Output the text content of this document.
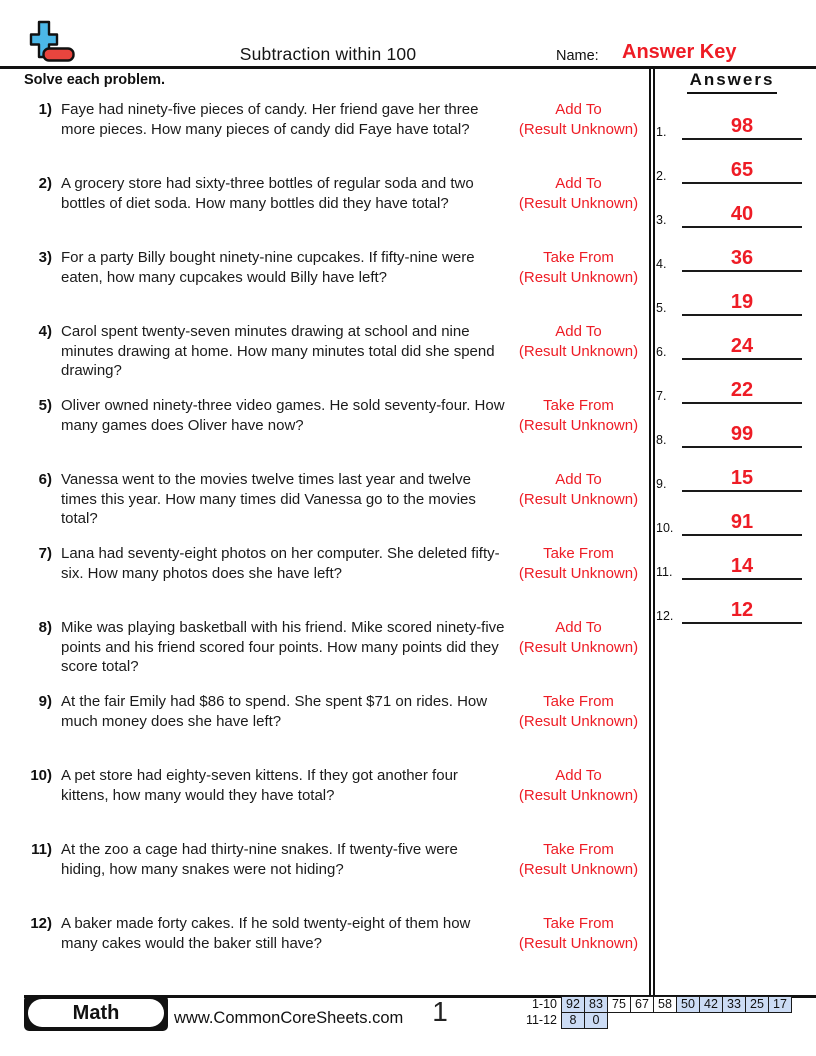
Subtraction within 100	Name: Answer Key
Solve each problem.
1) Faye had ninety-five pieces of candy. Her friend gave her three more pieces. How many pieces of candy did Faye have total?
Add To
(Result Unknown)
2) A grocery store had sixty-three bottles of regular soda and two bottles of diet soda. How many bottles did they have total?
Add To
(Result Unknown)
3) For a party Billy bought ninety-nine cupcakes. If fifty-nine were eaten, how many cupcakes would Billy have left?
Take From
(Result Unknown)
4) Carol spent twenty-seven minutes drawing at school and nine minutes drawing at home. How many minutes total did she spend drawing?
Add To
(Result Unknown)
5) Oliver owned ninety-three video games. He sold seventy-four. How many games does Oliver have now?
Take From
(Result Unknown)
6) Vanessa went to the movies twelve times last year and twelve times this year. How many times did Vanessa go to the movies total?
Add To
(Result Unknown)
7) Lana had seventy-eight photos on her computer. She deleted fifty-six. How many photos does she have left?
Take From
(Result Unknown)
8) Mike was playing basketball with his friend. Mike scored ninety-five points and his friend scored four points. How many points did they score total?
Add To
(Result Unknown)
9) At the fair Emily had $86 to spend. She spent $71 on rides. How much money does she have left?
Take From
(Result Unknown)
10) A pet store had eighty-seven kittens. If they got another four kittens, how many would they have total?
Add To
(Result Unknown)
11) At the zoo a cage had thirty-nine snakes. If twenty-five were hiding, how many snakes were not hiding?
Take From
(Result Unknown)
12) A baker made forty cakes. If he sold twenty-eight of them how many cakes would the baker still have?
Take From
(Result Unknown)
Answers
1.	98
2.	65
3.	40
4.	36
5.	19
6.	24
7.	22
8.	99
9.	15
10.	91
11.	14
12.	12
Math	www.CommonCoreSheets.com	1	1-10 92 83 75 67 58 50 42 33 25 17
11-12	8	0
